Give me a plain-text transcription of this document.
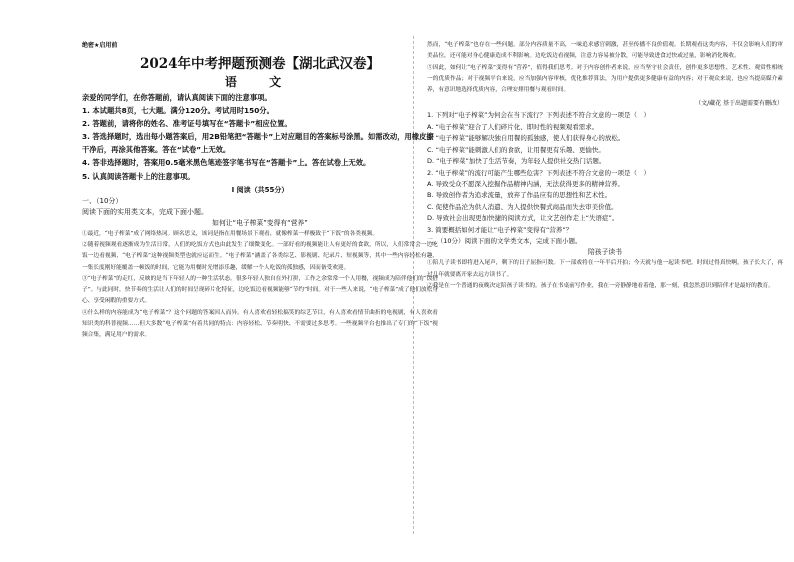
绝密★启用前
2024年中考押题预测卷【湖北武汉卷】
语 文
亲爱的同学们，在你答题前，请认真阅读下面的注意事项。
1. 本试题共8页，七大题。满分120分。考试用时150分。
2. 答题前，请将你的姓名、准考证号填写在“答题卡”相应位置。
3. 答选择题时，选出每小题答案后，用2B铅笔把“答题卡”上对应题目的答案标号涂黑。如需改动，用橡皮擦干净后，再涂其他答案。答在“试卷”上无效。
4. 答非选择题时，答案用0.5毫米黑色笔迹签字笔书写在“答题卡”上。答在试卷上无效。
5. 认真阅读答题卡上的注意事项。
Ⅰ 阅读（共55分）
一、（10分）
阅读下面的实用类文本，完成下面小题。
如何让“电子榨菜”变得有“营养”
①最近，“电子榨菜”成了网络热词。顾名思义，该词是指在用餐场景下观看，就像榨菜一样极致于“下饭”的各类视频。
②随着视频观看逐渐成为生活日常，人们的吃饭方式也由此发生了细微变化。一部好看的视频能让人有更好的食欲，所以，人们常常会一边吃饭一边看视频，“电子榨菜”这种视频类型也就应运而生。“电子榨菜”涵盖了各类综艺、影视剧、纪录片、短视频等，其中一些内容轻松有趣，一集长度刚好能覆盖一顿饭的时间，它能为用餐时光增添乐趣，缓解一个人吃饭的孤独感，因而备受欢迎。
③“电子榨菜”的走红，反映的是当下年轻人的一种生活状态。很多年轻人独自在外打拼，工作之余常常一个人用餐，视频成为陪伴他们的“饭搭子”。与此同时，快节奏的生活让人们的时间呈现碎片化特征，边吃饭边看视频能够“节约”时间。对于一些人来说，“电子榨菜”成了他们放松身心、享受闲暇的重要方式。
④什么样的内容能成为“电子榨菜”？这个问题的答案因人而异。有人喜欢看轻松搞笑的综艺节目，有人喜欢看情节曲折的电视剧，有人喜欢看知识类的科普视频……但大多数“电子榨菜”有着共同的特点：内容轻松、节奏明快、不需要过多思考。一些视频平台也推出了专门的“下饭”视频合集，满足用户的需求。
然而，“电子榨菜”也存在一些问题。部分内容质量不高，一味追求感官刺激，甚至传播不良价值观。长期观看这类内容，不仅会影响人们的审美品位，还可能对身心健康造成不利影响。边吃饭边看视频，注意力容易被分散，可能导致进食过快或过量，影响消化吸收。
⑤因此，如何让“电子榨菜”变得有“营养”，值得我们思考。对于内容创作者来说，应当坚守社会责任，创作更多思想性、艺术性、观赏性相统一的优质作品；对于视频平台来说，应当加强内容审核，优化推荐算法，为用户提供更多健康有益的内容；对于观众来说，也应当提高媒介素养，有意识地选择优质内容，合理安排用餐与观看时间。
（文/藏花 基于出题需要有删改）
1. 下列对“电子榨菜”为何会在当下流行？下列表述不符合文意的一项是（　）
A. “电子榨菜”迎合了人们碎片化、即时性的视频观看需求。
B. “电子榨菜”能够解决独自用餐的孤独感，使人们获得身心的放松。
C. “电子榨菜”能刺激人们的食欲，让用餐更有乐趣、更愉快。
D. “电子榨菜”加快了生活节奏，为年轻人提供社交热门话题。
2. “电子榨菜”的流行可能产生哪些危害？下列表述不符合文意的一项是（　）
A. 导致受众不愿深入挖掘作品精神内涵，无法获得更多的精神营养。
B. 导致创作者为追求流量，放弃了作品应有的思想性和艺术性。
C. 促使作品沦为供人消遣、为人提供快餐式商品而失去审美价值。
D. 导致社会出现更加快捷的阅读方式，让文艺创作走上“失语症”。
3. 简要概括如何才能让“电子榨菜”变得有“营养”？
二、（10分）阅读下面的文学类文本，完成下面小题。
陪孩子读书
①陪儿子读书即将进入尾声，剩下的日子屈指可数。下一部戏将在一年半后开拍；今天就与他一起读书吧。时间过得真快啊，孩子长大了，再过几年就要离开家去远方读书了。
②我是在一个普通的夜晚决定陪孩子读书的。孩子在书桌前写作业，我在一旁静静地看着他，那一刻，我忽然意识到陪伴才是最好的教育。
